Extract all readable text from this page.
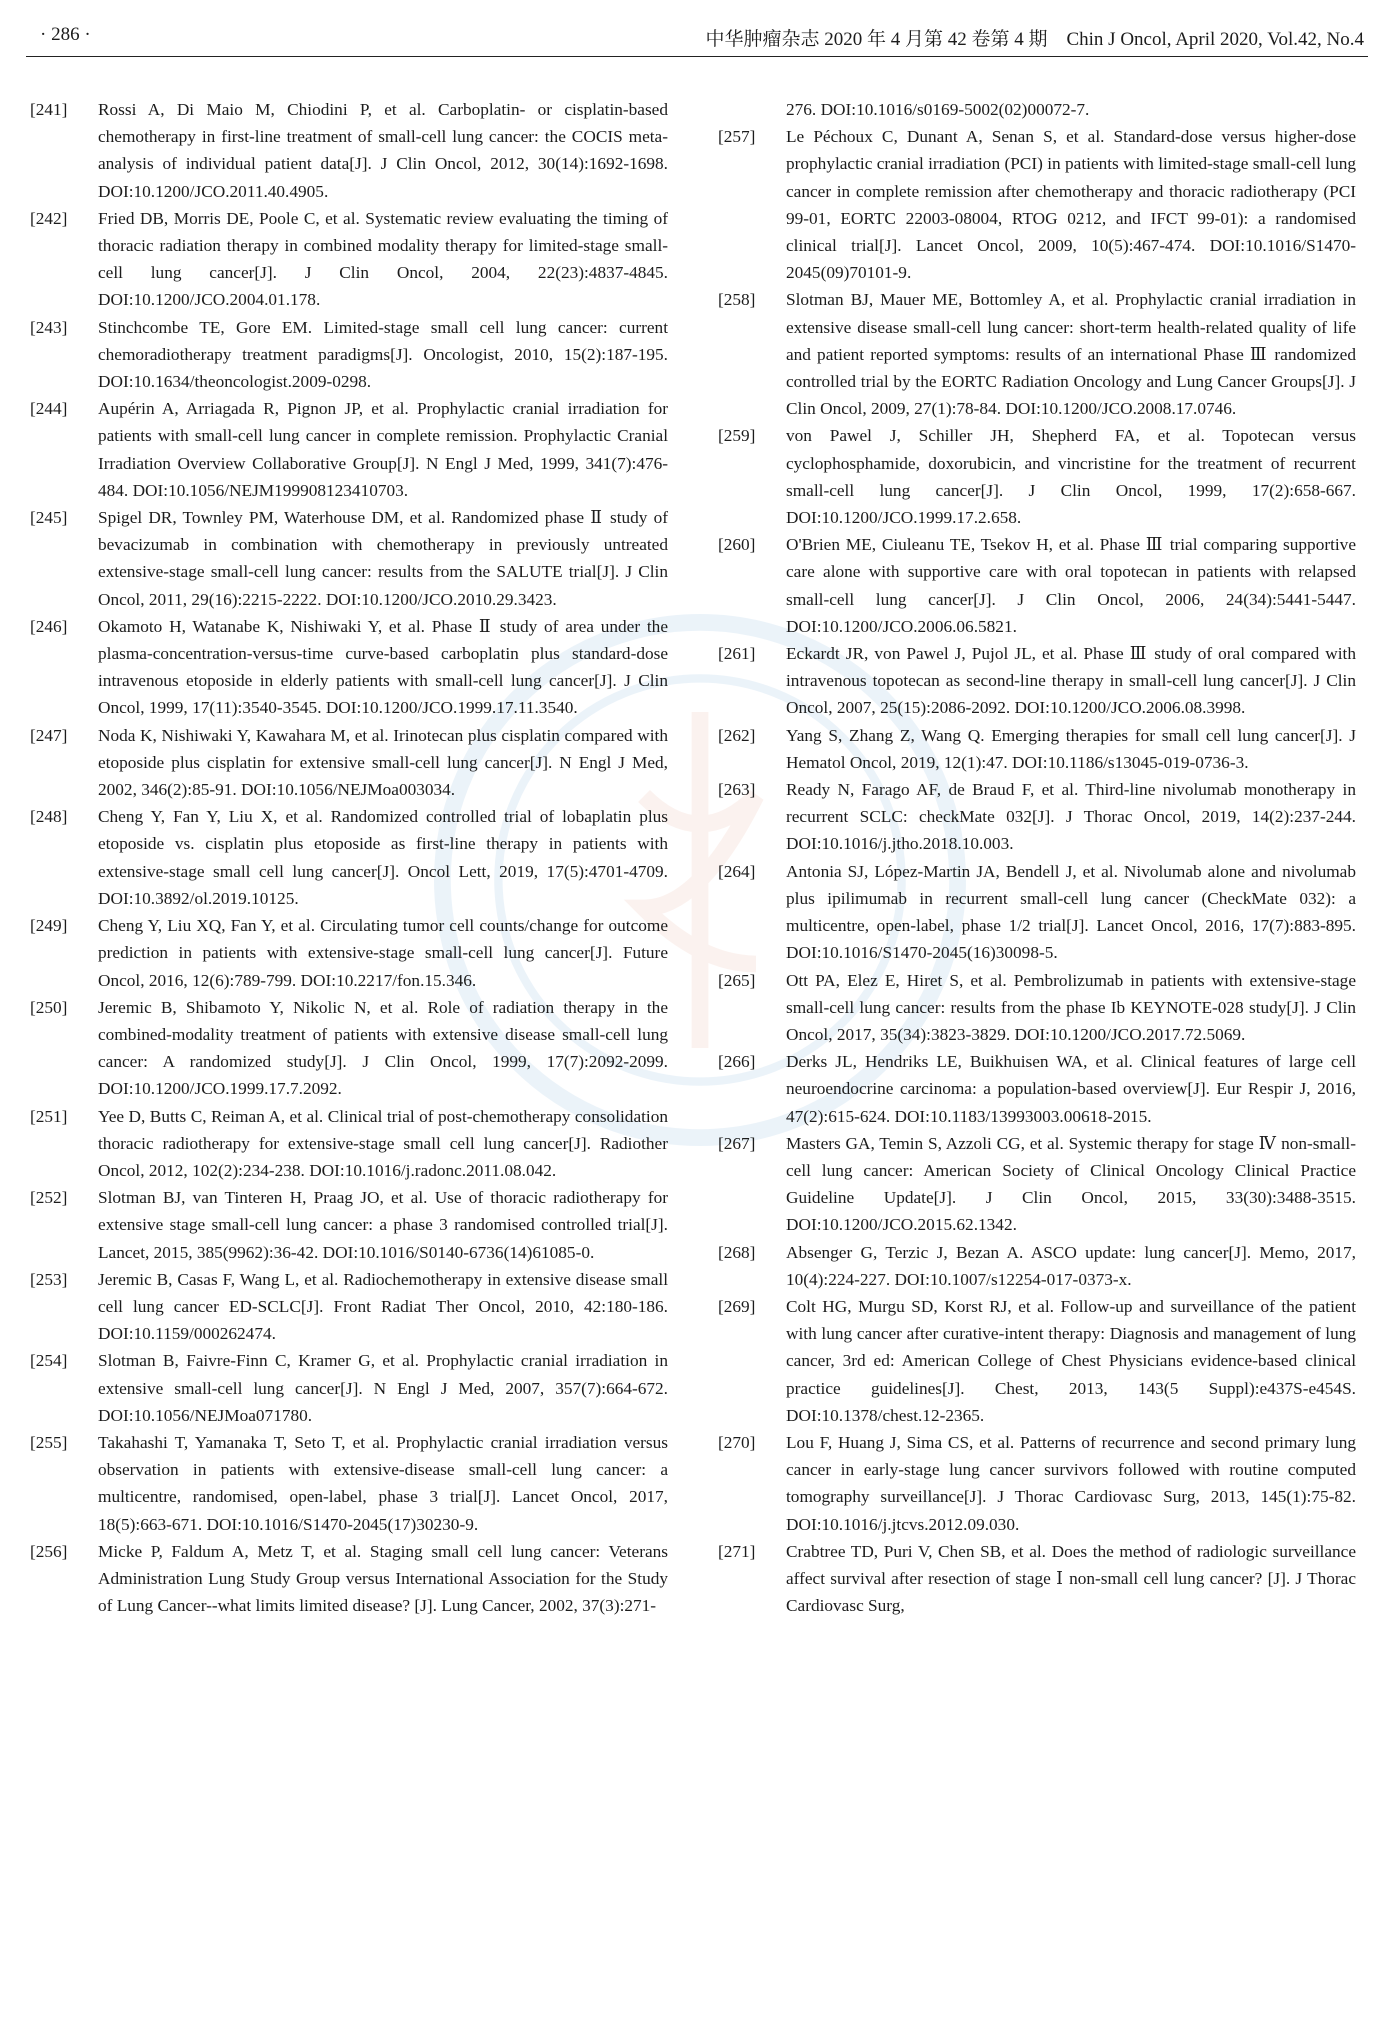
· 286 ·	中华肿瘤杂志 2020 年 4 月第 42 卷第 4 期　Chin J Oncol, April 2020, Vol.42, No.4
[241]	Rossi A, Di Maio M, Chiodini P, et al. Carboplatin- or cisplatin-based chemotherapy in first-line treatment of small-cell lung cancer: the COCIS meta-analysis of individual patient data[J]. J Clin Oncol, 2012, 30(14):1692-1698. DOI:10.1200/JCO.2011.40.4905.
[242]	Fried DB, Morris DE, Poole C, et al. Systematic review evaluating the timing of thoracic radiation therapy in combined modality therapy for limited-stage small-cell lung cancer[J]. J Clin Oncol, 2004, 22(23):4837-4845. DOI:10.1200/JCO.2004.01.178.
[243]	Stinchcombe TE, Gore EM. Limited-stage small cell lung cancer: current chemoradiotherapy treatment paradigms[J]. Oncologist, 2010, 15(2):187-195. DOI:10.1634/theoncologist.2009-0298.
[244]	Aupérin A, Arriagada R, Pignon JP, et al. Prophylactic cranial irradiation for patients with small-cell lung cancer in complete remission. Prophylactic Cranial Irradiation Overview Collaborative Group[J]. N Engl J Med, 1999, 341(7):476-484. DOI:10.1056/NEJM199908123410703.
[245]	Spigel DR, Townley PM, Waterhouse DM, et al. Randomized phase Ⅱ study of bevacizumab in combination with chemotherapy in previously untreated extensive-stage small-cell lung cancer: results from the SALUTE trial[J]. J Clin Oncol, 2011, 29(16):2215-2222. DOI:10.1200/JCO.2010.29.3423.
[246]	Okamoto H, Watanabe K, Nishiwaki Y, et al. Phase Ⅱ study of area under the plasma-concentration-versus-time curve-based carboplatin plus standard-dose intravenous etoposide in elderly patients with small-cell lung cancer[J]. J Clin Oncol, 1999, 17(11):3540-3545. DOI:10.1200/JCO.1999.17.11.3540.
[247]	Noda K, Nishiwaki Y, Kawahara M, et al. Irinotecan plus cisplatin compared with etoposide plus cisplatin for extensive small-cell lung cancer[J]. N Engl J Med, 2002, 346(2):85-91. DOI:10.1056/NEJMoa003034.
[248]	Cheng Y, Fan Y, Liu X, et al. Randomized controlled trial of lobaplatin plus etoposide vs. cisplatin plus etoposide as first-line therapy in patients with extensive-stage small cell lung cancer[J]. Oncol Lett, 2019, 17(5):4701-4709. DOI:10.3892/ol.2019.10125.
[249]	Cheng Y, Liu XQ, Fan Y, et al. Circulating tumor cell counts/change for outcome prediction in patients with extensive-stage small-cell lung cancer[J]. Future Oncol, 2016, 12(6):789-799. DOI:10.2217/fon.15.346.
[250]	Jeremic B, Shibamoto Y, Nikolic N, et al. Role of radiation therapy in the combined-modality treatment of patients with extensive disease small-cell lung cancer: A randomized study[J]. J Clin Oncol, 1999, 17(7):2092-2099. DOI:10.1200/JCO.1999.17.7.2092.
[251]	Yee D, Butts C, Reiman A, et al. Clinical trial of post-chemotherapy consolidation thoracic radiotherapy for extensive-stage small cell lung cancer[J]. Radiother Oncol, 2012, 102(2):234-238. DOI:10.1016/j.radonc.2011.08.042.
[252]	Slotman BJ, van Tinteren H, Praag JO, et al. Use of thoracic radiotherapy for extensive stage small-cell lung cancer: a phase 3 randomised controlled trial[J]. Lancet, 2015, 385(9962):36-42. DOI:10.1016/S0140-6736(14)61085-0.
[253]	Jeremic B, Casas F, Wang L, et al. Radiochemotherapy in extensive disease small cell lung cancer ED-SCLC[J]. Front Radiat Ther Oncol, 2010, 42:180-186. DOI:10.1159/000262474.
[254]	Slotman B, Faivre-Finn C, Kramer G, et al. Prophylactic cranial irradiation in extensive small-cell lung cancer[J]. N Engl J Med, 2007, 357(7):664-672. DOI:10.1056/NEJMoa071780.
[255]	Takahashi T, Yamanaka T, Seto T, et al. Prophylactic cranial irradiation versus observation in patients with extensive-disease small-cell lung cancer: a multicentre, randomised, open-label, phase 3 trial[J]. Lancet Oncol, 2017, 18(5):663-671. DOI:10.1016/S1470-2045(17)30230-9.
[256]	Micke P, Faldum A, Metz T, et al. Staging small cell lung cancer: Veterans Administration Lung Study Group versus International Association for the Study of Lung Cancer--what limits limited disease? [J]. Lung Cancer, 2002, 37(3):271-
276. DOI:10.1016/s0169-5002(02)00072-7.
[257]	Le Péchoux C, Dunant A, Senan S, et al. Standard-dose versus higher-dose prophylactic cranial irradiation (PCI) in patients with limited-stage small-cell lung cancer in complete remission after chemotherapy and thoracic radiotherapy (PCI 99-01, EORTC 22003-08004, RTOG 0212, and IFCT 99-01): a randomised clinical trial[J]. Lancet Oncol, 2009, 10(5):467-474. DOI:10.1016/S1470-2045(09)70101-9.
[258]	Slotman BJ, Mauer ME, Bottomley A, et al. Prophylactic cranial irradiation in extensive disease small-cell lung cancer: short-term health-related quality of life and patient reported symptoms: results of an international Phase Ⅲ randomized controlled trial by the EORTC Radiation Oncology and Lung Cancer Groups[J]. J Clin Oncol, 2009, 27(1):78-84. DOI:10.1200/JCO.2008.17.0746.
[259]	von Pawel J, Schiller JH, Shepherd FA, et al. Topotecan versus cyclophosphamide, doxorubicin, and vincristine for the treatment of recurrent small-cell lung cancer[J]. J Clin Oncol, 1999, 17(2):658-667. DOI:10.1200/JCO.1999.17.2.658.
[260]	O'Brien ME, Ciuleanu TE, Tsekov H, et al. Phase Ⅲ trial comparing supportive care alone with supportive care with oral topotecan in patients with relapsed small-cell lung cancer[J]. J Clin Oncol, 2006, 24(34):5441-5447. DOI:10.1200/JCO.2006.06.5821.
[261]	Eckardt JR, von Pawel J, Pujol JL, et al. Phase Ⅲ study of oral compared with intravenous topotecan as second-line therapy in small-cell lung cancer[J]. J Clin Oncol, 2007, 25(15):2086-2092. DOI:10.1200/JCO.2006.08.3998.
[262]	Yang S, Zhang Z, Wang Q. Emerging therapies for small cell lung cancer[J]. J Hematol Oncol, 2019, 12(1):47. DOI:10.1186/s13045-019-0736-3.
[263]	Ready N, Farago AF, de Braud F, et al. Third-line nivolumab monotherapy in recurrent SCLC: checkMate 032[J]. J Thorac Oncol, 2019, 14(2):237-244. DOI:10.1016/j.jtho.2018.10.003.
[264]	Antonia SJ, López-Martin JA, Bendell J, et al. Nivolumab alone and nivolumab plus ipilimumab in recurrent small-cell lung cancer (CheckMate 032): a multicentre, open-label, phase 1/2 trial[J]. Lancet Oncol, 2016, 17(7):883-895. DOI:10.1016/S1470-2045(16)30098-5.
[265]	Ott PA, Elez E, Hiret S, et al. Pembrolizumab in patients with extensive-stage small-cell lung cancer: results from the phase Ib KEYNOTE-028 study[J]. J Clin Oncol, 2017, 35(34):3823-3829. DOI:10.1200/JCO.2017.72.5069.
[266]	Derks JL, Hendriks LE, Buikhuisen WA, et al. Clinical features of large cell neuroendocrine carcinoma: a population-based overview[J]. Eur Respir J, 2016, 47(2):615-624. DOI:10.1183/13993003.00618-2015.
[267]	Masters GA, Temin S, Azzoli CG, et al. Systemic therapy for stage Ⅳ non-small-cell lung cancer: American Society of Clinical Oncology Clinical Practice Guideline Update[J]. J Clin Oncol, 2015, 33(30):3488-3515. DOI:10.1200/JCO.2015.62.1342.
[268]	Absenger G, Terzic J, Bezan A. ASCO update: lung cancer[J]. Memo, 2017, 10(4):224-227. DOI:10.1007/s12254-017-0373-x.
[269]	Colt HG, Murgu SD, Korst RJ, et al. Follow-up and surveillance of the patient with lung cancer after curative-intent therapy: Diagnosis and management of lung cancer, 3rd ed: American College of Chest Physicians evidence-based clinical practice guidelines[J]. Chest, 2013, 143(5 Suppl):e437S-e454S. DOI:10.1378/chest.12-2365.
[270]	Lou F, Huang J, Sima CS, et al. Patterns of recurrence and second primary lung cancer in early-stage lung cancer survivors followed with routine computed tomography surveillance[J]. J Thorac Cardiovasc Surg, 2013, 145(1):75-82. DOI:10.1016/j.jtcvs.2012.09.030.
[271]	Crabtree TD, Puri V, Chen SB, et al. Does the method of radiologic surveillance affect survival after resection of stage Ⅰ non-small cell lung cancer? [J]. J Thorac Cardiovasc Surg,
